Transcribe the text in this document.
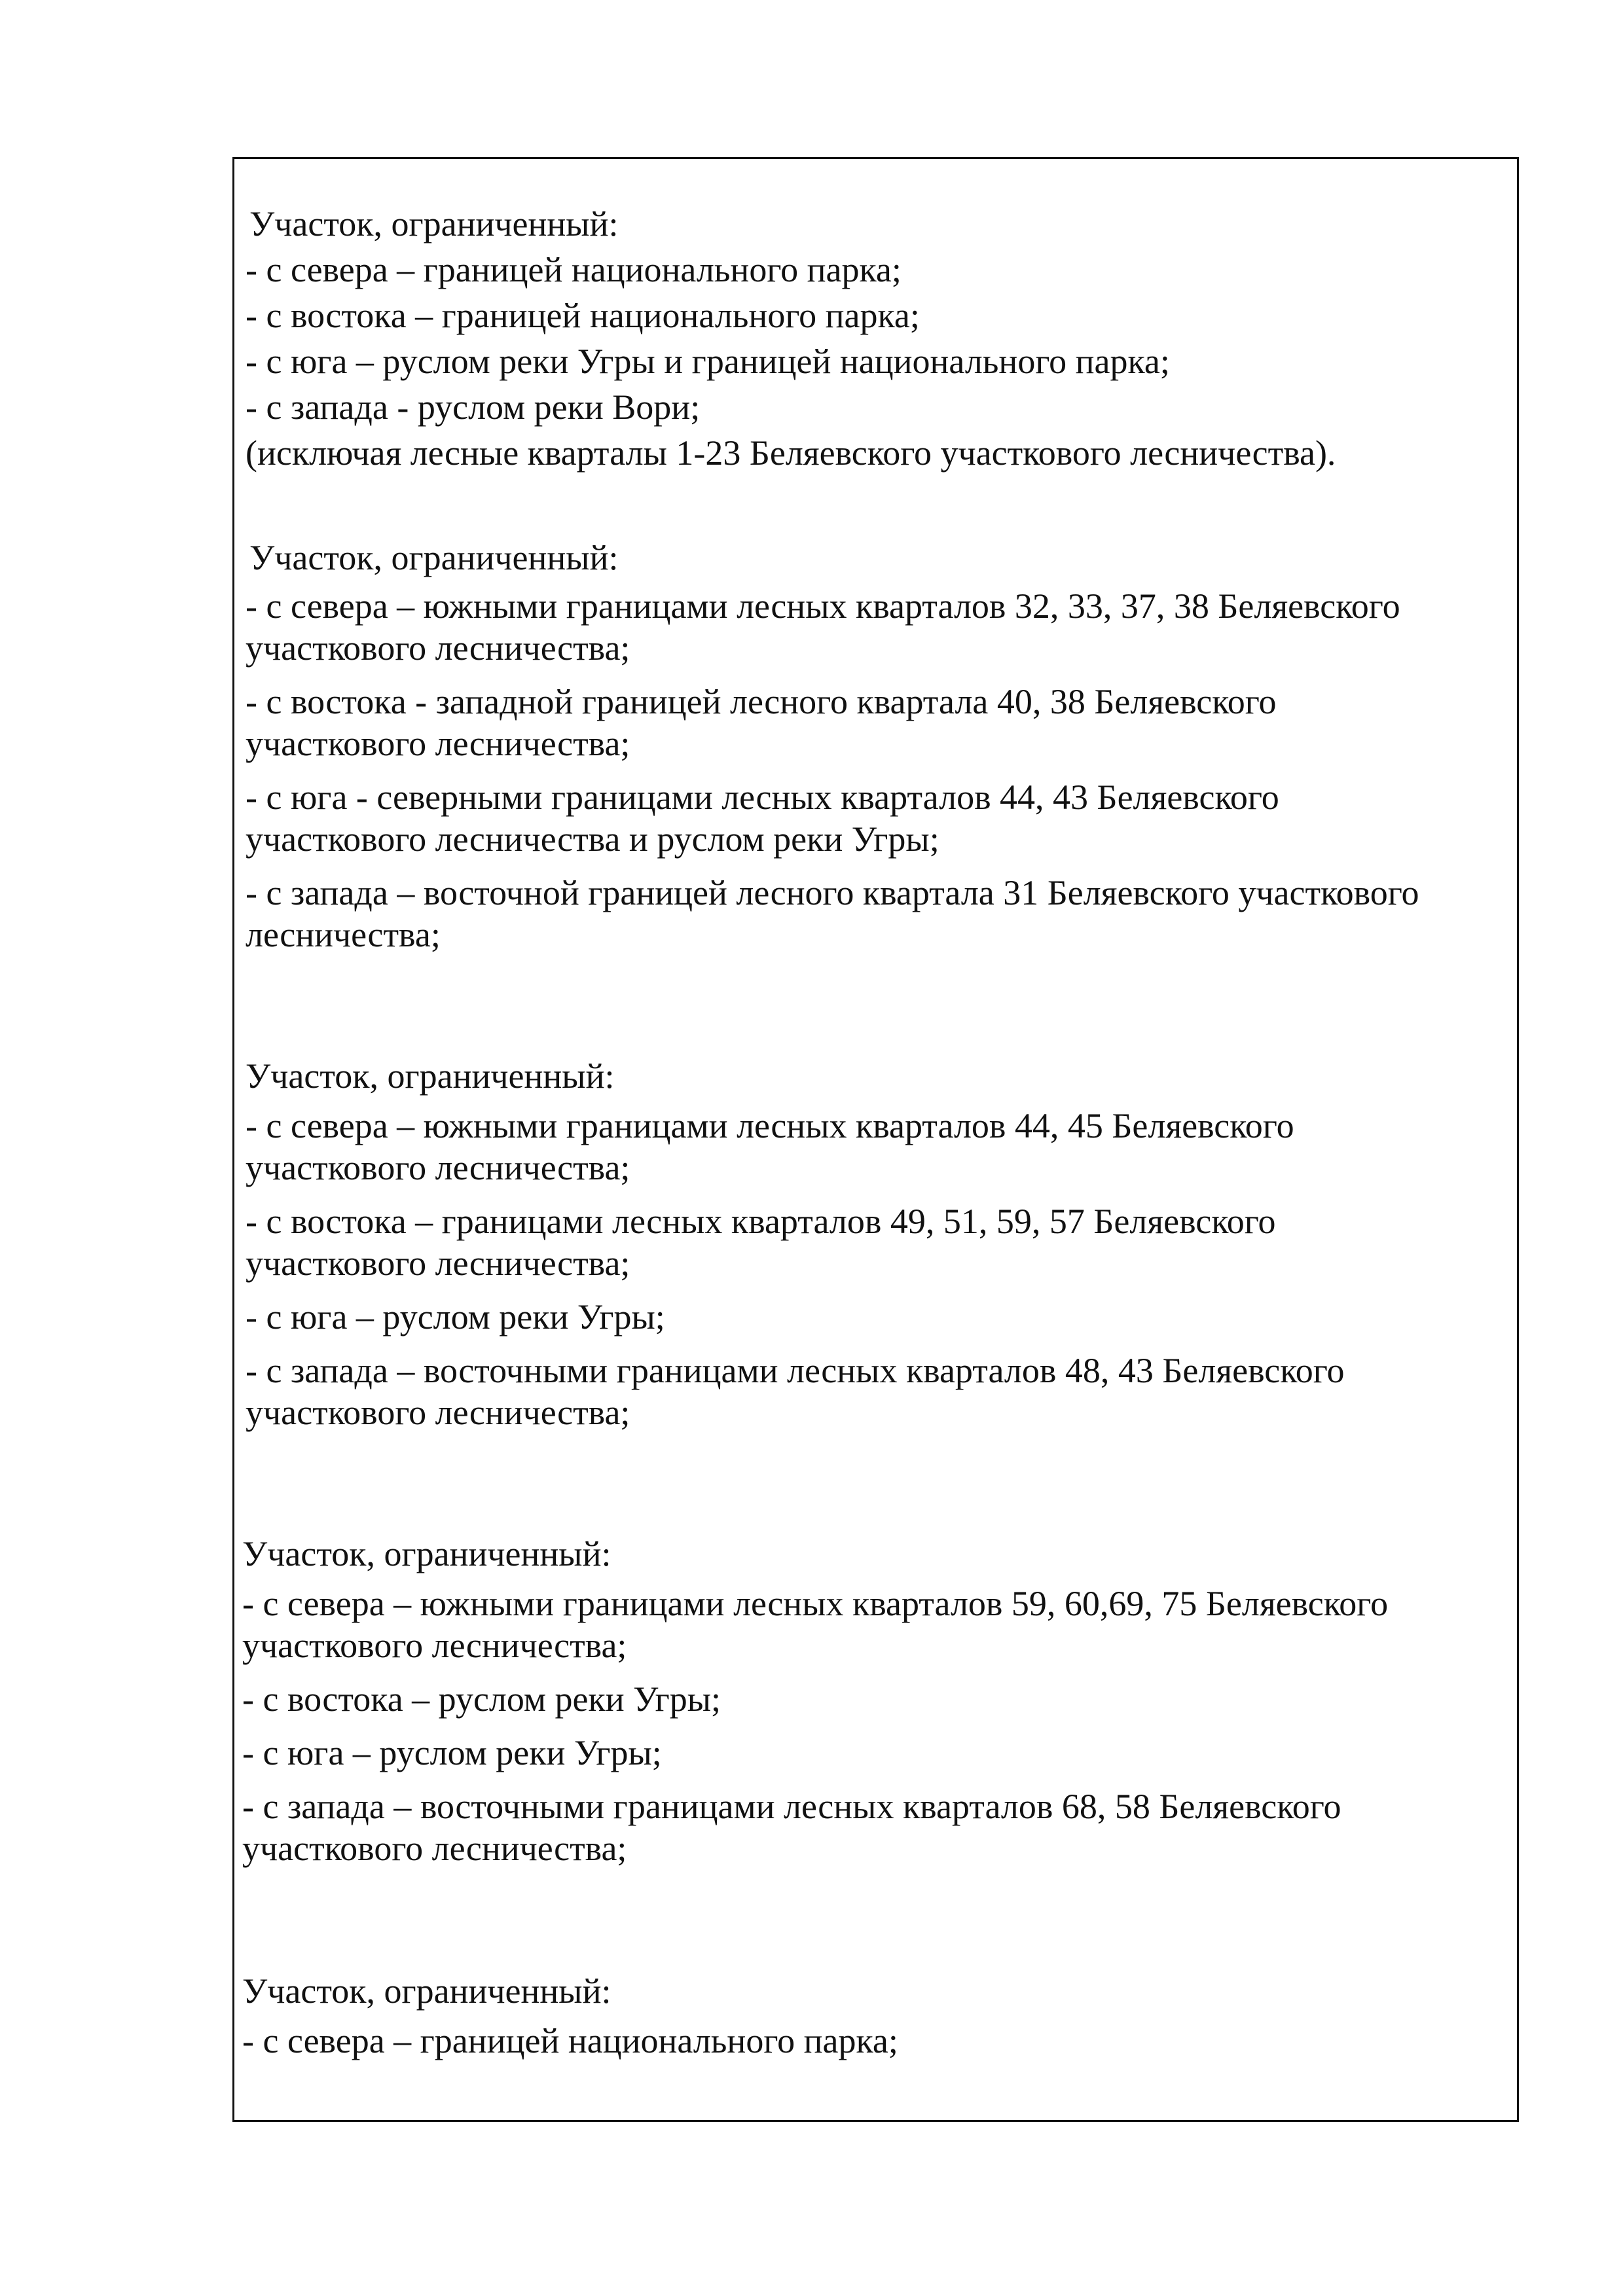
Участок, ограниченный:
- с севера – границей национального парка;
- с востока – границей национального парка;
- с юга – руслом реки Угры и границей национального парка;
- с запада - руслом реки Вори;
(исключая лесные кварталы 1-23 Беляевского участкового лесничества).
Участок, ограниченный:
- с севера – южными границами лесных кварталов 32, 33, 37, 38 Беляевского
участкового лесничества;
- с востока - западной границей лесного квартала 40, 38 Беляевского
участкового лесничества;
- с юга - северными границами лесных кварталов 44, 43 Беляевского
участкового лесничества и руслом реки Угры;
- с запада – восточной границей лесного квартала 31 Беляевского участкового
лесничества;
Участок, ограниченный:
- с севера – южными границами лесных кварталов 44, 45 Беляевского
участкового лесничества;
- с востока – границами лесных кварталов 49, 51, 59, 57 Беляевского
участкового лесничества;
- с юга – руслом реки Угры;
- с запада – восточными границами лесных кварталов 48, 43 Беляевского
участкового лесничества;
Участок, ограниченный:
- с севера – южными границами лесных кварталов 59, 60,69, 75 Беляевского
участкового лесничества;
- с востока – руслом реки Угры;
- с юга – руслом реки Угры;
- с запада – восточными границами лесных кварталов 68, 58 Беляевского
участкового лесничества;
Участок, ограниченный:
- с севера – границей национального парка;
